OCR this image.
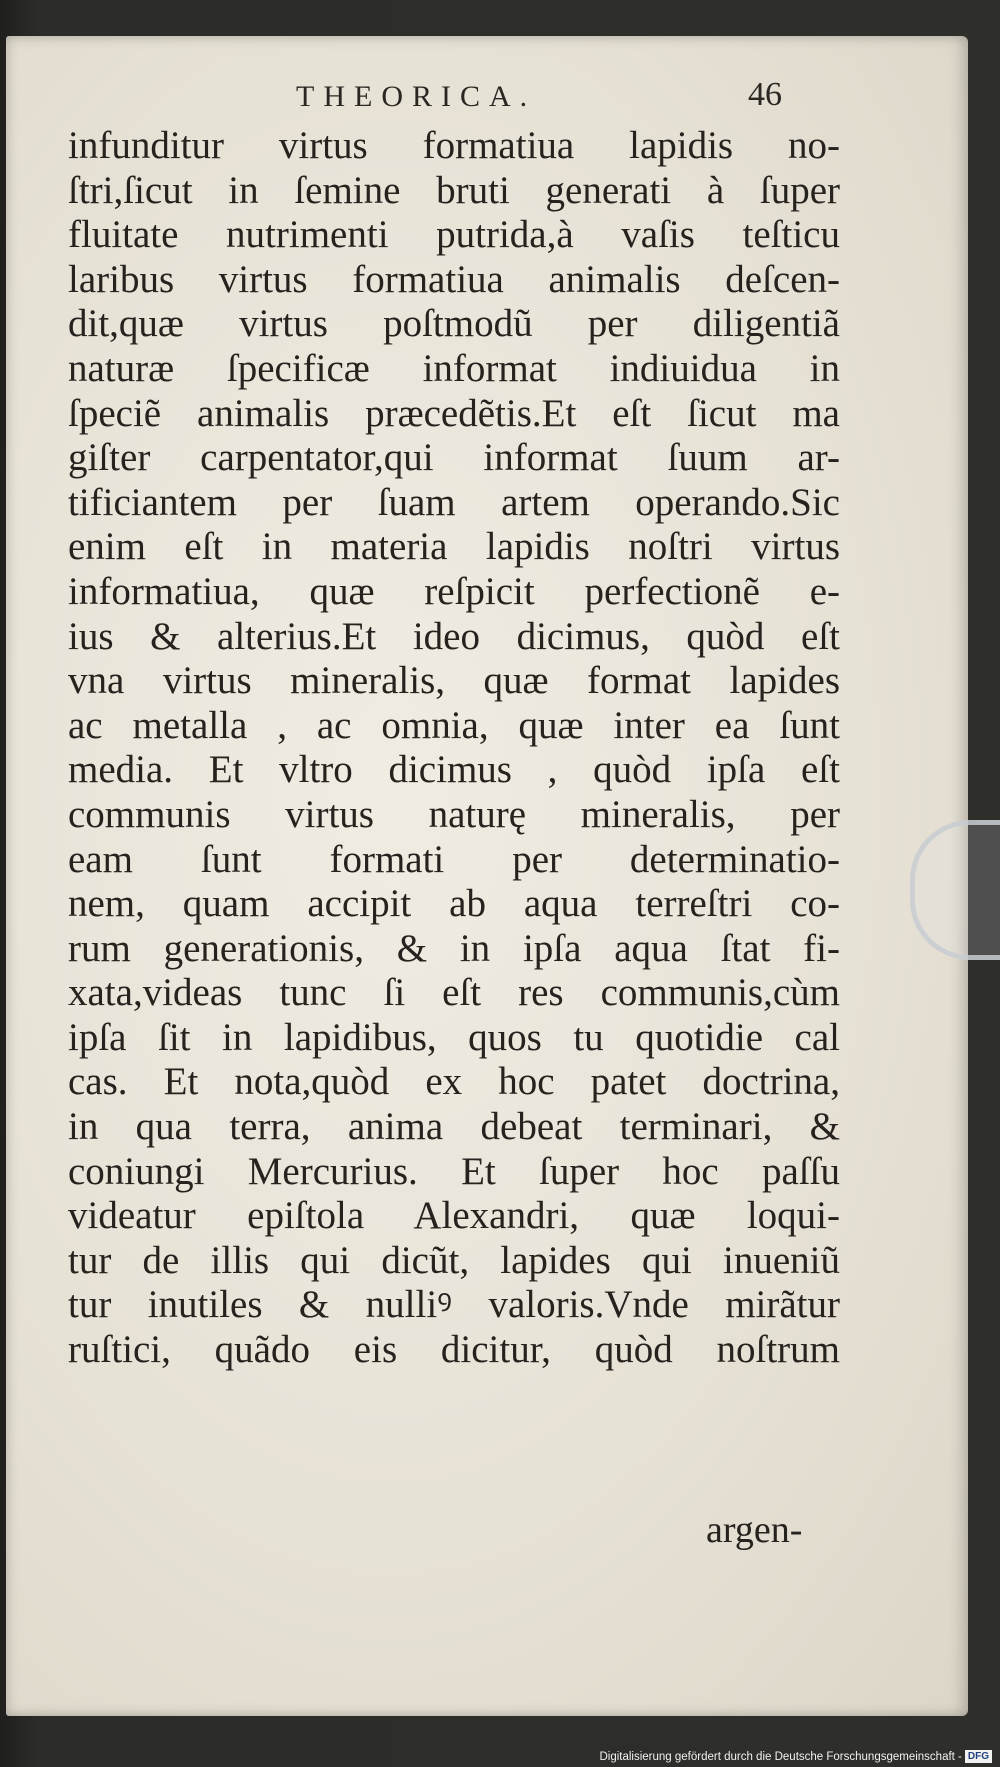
THEORICA.	46
infunditur virtus formatiua lapidis no-
ſtri,ſicut in ſemine bruti generati à ſuper
fluitate nutrimenti putrida,à vaſis teſticu
laribus virtus formatiua animalis deſcen-
dit,quæ virtus poſtmodũ per diligentiã
naturæ ſpecificæ informat indiuidua in
ſpeciẽ animalis præcedẽtis.Et eſt ſicut ma
giſter carpentator,qui informat ſuum ar-
tificiantem per ſuam artem operando.Sic
enim eſt in materia lapidis noſtri virtus
informatiua, quæ reſpicit perfectionẽ e-
ius & alterius.Et ideo dicimus, quòd eſt
vna virtus mineralis, quæ format lapides
ac metalla , ac omnia, quæ inter ea ſunt
media. Et vltro dicimus , quòd ipſa eſt
communis virtus naturę mineralis, per
eam ſunt formati per determinatio-
nem, quam accipit ab aqua terreſtri co-
rum generationis, & in ipſa aqua ſtat fi-
xata,videas tunc ſi eſt res communis,cùm
ipſa ſit in lapidibus, quos tu quotidie cal
cas. Et nota,quòd ex hoc patet doctrina,
in qua terra, anima debeat terminari, &
coniungi Mercurius. Et ſuper hoc paſſu
videatur epiſtola Alexandri, quæ loqui-
tur de illis qui dicũt, lapides qui inueniũ
tur inutiles & nulliꝰ valoris.Vnde mirãtur
ruſtici, quãdo eis dicitur, quòd noſtrum
argen-
Digitalisierung gefördert durch die Deutsche Forschungsgemeinschaft - DFG
